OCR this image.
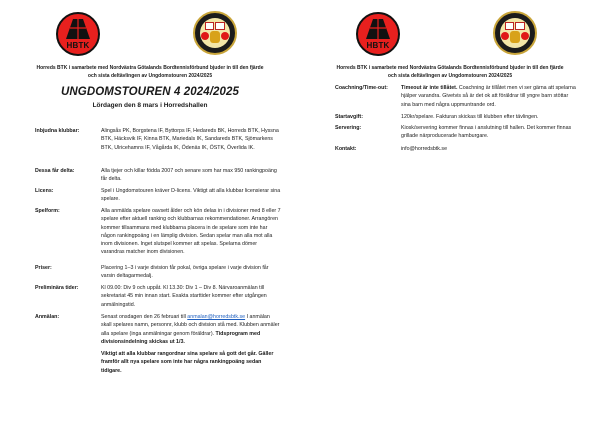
HBTK
Horreds BTK i samarbete med Nordvästra Götalands Bordtennisförbund bjuder in till den fjärde
och sista deltävlingen av Ungdomstouren 2024/2025
UNGDOMSTOUREN 4 2024/2025
Lördagen den 8 mars i Horredshallen
Inbjudna klubbar:	Alingsås PK, Borgstena IF, Byttorps IF, Hedareds BK, Horreds BTK, Hyssna BTK, Häcksvik IF, Kinna BTK, Mariedals IK, Sandareds BTK, Sjömarkens BTK, Ulricehamns IF, Vågårda IK, Ödenäs IK, ÖSTK, Överlida IK.
Dessa får delta:	Alla tjejer och killar födda 2007 och senare som har max 950 rankingpoäng får delta.
Licens:	Spel i Ungdomstouren kräver D-licens. Viktigt att alla klubbar licensierar sina spelare.
Spelform:	Alla anmälda spelare oavsett ålder och kön delas in i divisioner med 8 eller 7 spelare efter aktuell ranking och klubbarnas rekommendationer. Arrangören kommer tillsammans med klubbarna placera in de spelare som inte har någon rankingpoäng i en lämplig division. Sedan spelar man alla mot alla inom divisionen. Inget slutspel kommer att spelas. Spelarna dömer varandras matcher inom divisionen.
Priser:	Placering 1–3 i varje division får pokal, övriga spelare i varje division får varsin deltagarmedalj.
Preliminära tider:	Kl 09.00: Div 9 och uppåt. Kl 13.30: Div 1 – Div 8. Närvaroanmälan till sekretariat 45 min innan start. Exakta starttider kommer efter utgången anmälningstid.
Anmälan:	Senast onsdagen den 26 februari till anmalan@horredsbtk.se I anmälan skall spelares namn, personnr, klubb och division stå med. Klubben anmäler alla spelare (inga anmälningar genom föräldrar). Tidsprogram med divisionsindelning skickas ut 1/3.

Viktigt att alla klubbar rangordnar sina spelare så gott det går. Gäller framför allt nya spelare som inte har några rankingpoäng sedan tidigare.

HBTK
Horreds BTK i samarbete med Nordvästra Götalands Bordtennisförbund bjuder in till den fjärde
och sista deltävlingen av Ungdomstouren 2024/2025
Coachning/Time-out: Timeout är inte tillåtet. Coachning är tillåtet men vi ser gärna att spelarna hjälper varandra. Givetvis så är det ok att föräldrar till yngre barn stöttar sina barn med några uppmuntrande ord.
Startavgift:	120kr/spelare. Fakturan skickas till klubben efter tävlingen.
Servering:	Kiosk/servering kommer finnas i anslutning till hallen. Det kommer finnas grillade närproducerade hamburgare.
Kontakt:	info@horredsbtk.se
